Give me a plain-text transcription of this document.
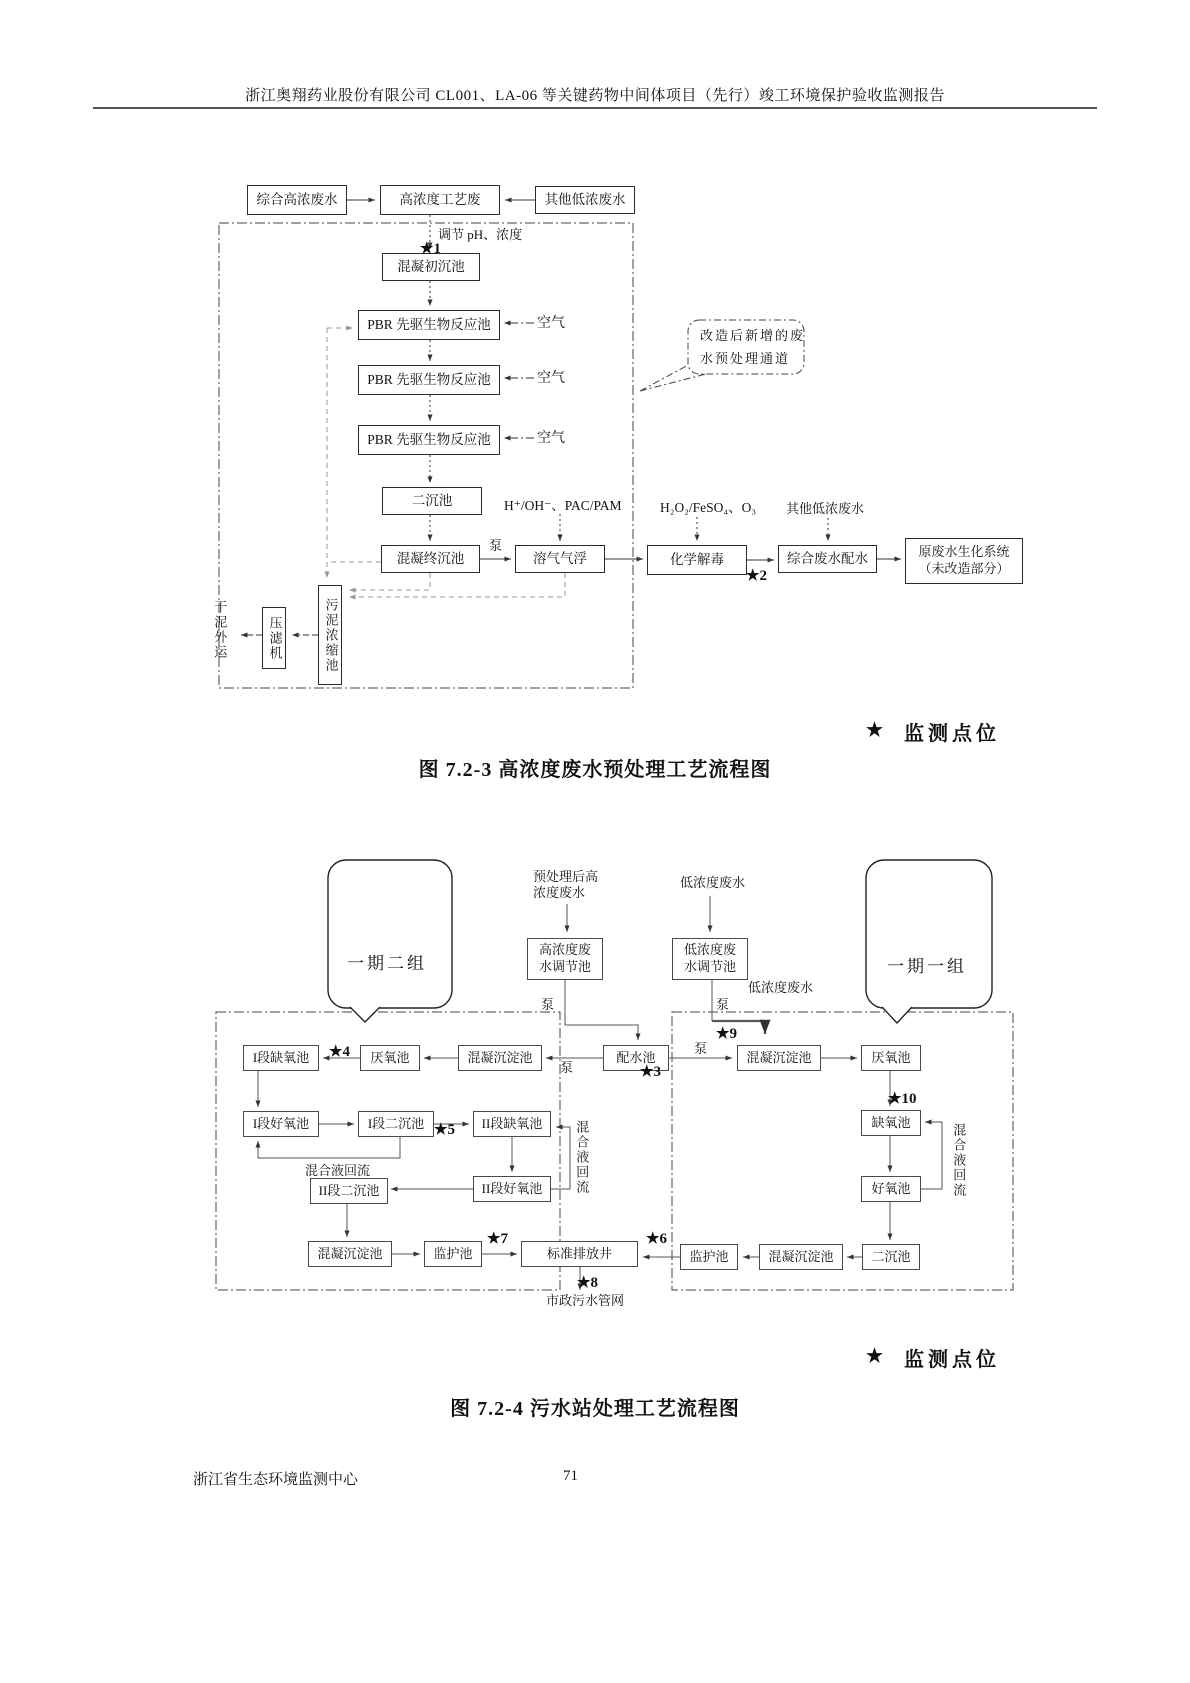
浙江奥翔药业股份有限公司 CL001、LA-06 等关键药物中间体项目（先行）竣工环境保护验收监测报告
综合高浓废水	高浓度工艺废	其他低浓废水
混凝初沉池
PBR 先驱生物反应池
PBR 先驱生物反应池
PBR 先驱生物反应池
二沉池
混凝终沉池	溶气气浮	化学解毒	综合废水配水	原废水生化系统
（未改造部分）
污泥浓缩池
压滤机
调节 pH、浓度
★1
空气
空气
空气
泵
H⁺/OH⁻、PAC/PAM	H₂O₂/FeSO₄、O₃ 其他低浓废水
★2
干泥外运
改造后新增的废
水预处理通道
★ 监测点位
图 7.2-3 高浓度废水预处理工艺流程图
一期二组	一期一组
预处理后高
浓度废水
低浓度废水
高浓度废
水调节池
低浓度废
水调节池
低浓度废水
泵	泵
★9
配水池
★3
泵
泵
混凝沉淀池
厌氧池
★4
I段缺氧池
I段好氧池	I段二沉池 ★5	II段缺氧池
II段好氧池
混合液回流
II段二沉池	混合液回流
混凝沉淀池	监护池
★7
标准排放井
★8
市政污水管网
★6
混凝沉淀池	厌氧池
★10
缺氧池
好氧池	混合液回流
二沉池
混凝沉淀池
监护池
★ 监测点位
图 7.2-4 污水站处理工艺流程图
浙江省生态环境监测中心	71
